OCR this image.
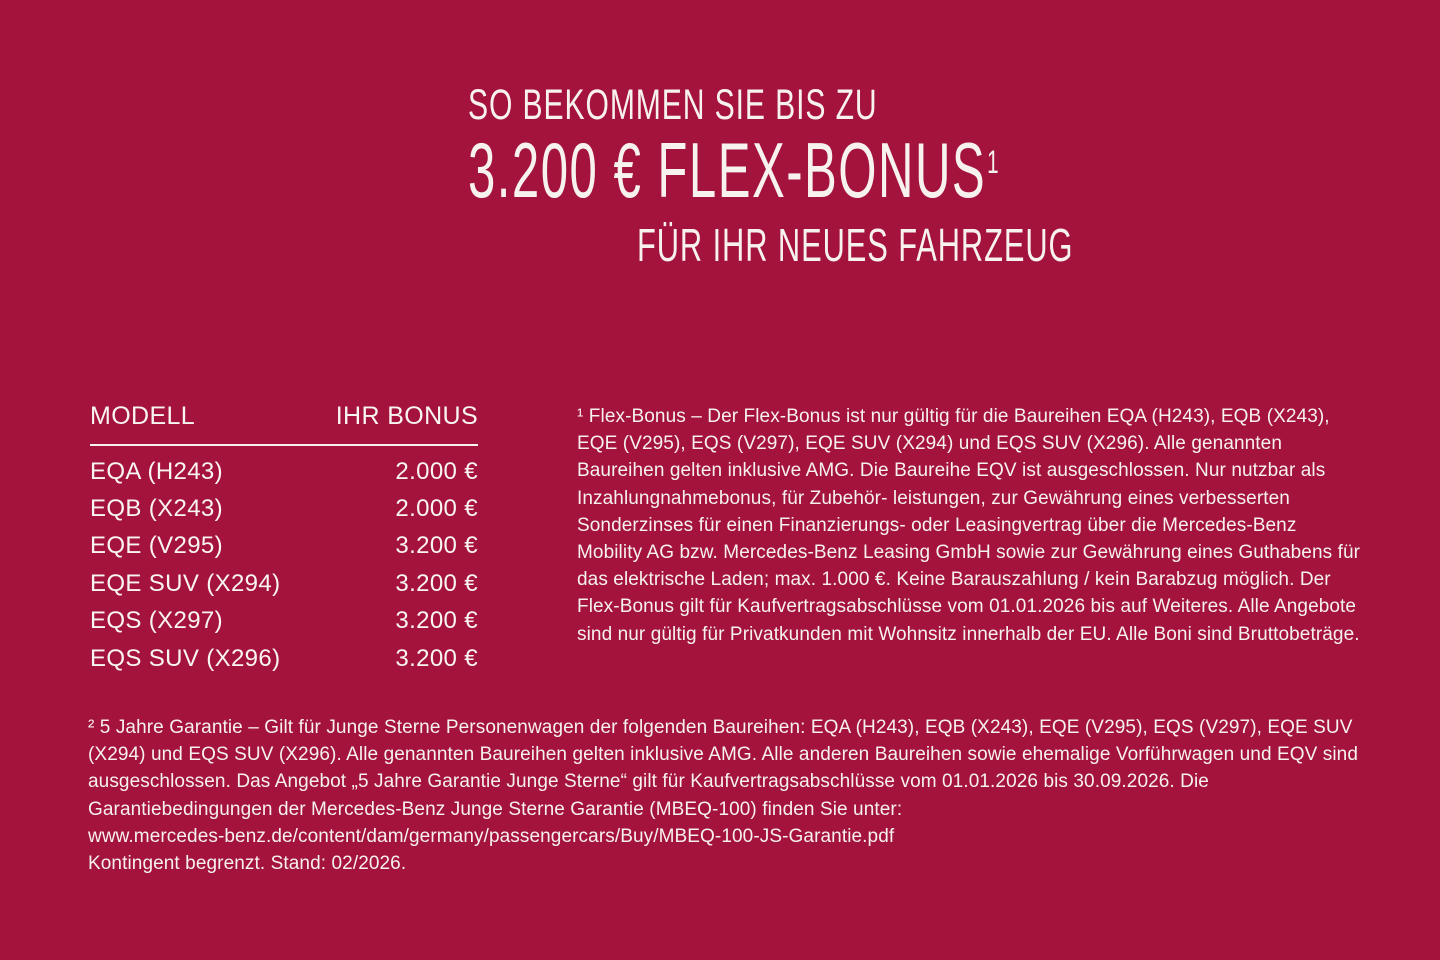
SO BEKOMMEN SIE BIS ZU
3.200 € FLEX-BONUS$^1$
FÜR IHR NEUES FAHRZEUG
MODELL	IHR BONUS
EQA (H243)	2.000 €
EQB (X243)	2.000 €
EQE (V295)	3.200 €
EQE SUV (X294)	3.200 €
EQS (X297)	3.200 €
EQS SUV (X296)	3.200 €

¹ Flex-Bonus – Der Flex-Bonus ist nur gültig für die Baureihen EQA (H243), EQB (X243), EQE (V295), EQS (V297), EQE SUV (X294) und EQS SUV (X296). Alle genannten Baureihen gelten inklusive AMG. Die Baureihe EQV ist ausgeschlossen. Nur nutzbar als Inzahlungnahmebonus, für Zubehör- leistungen, zur Gewährung eines verbesserten Sonderzinses für einen Finanzierungs- oder Leasingvertrag über die Mercedes-Benz Mobility AG bzw. Mercedes-Benz Leasing GmbH sowie zur Gewährung eines Guthabens für das elektrische Laden; max. 1.000 €. Keine Barauszahlung / kein Barabzug möglich. Der Flex-Bonus gilt für Kaufvertragsabschlüsse vom 01.01.2026 bis auf Weiteres. Alle Angebote sind nur gültig für Privatkunden mit Wohnsitz innerhalb der EU. Alle Boni sind Bruttobeträge.

² 5 Jahre Garantie – Gilt für Junge Sterne Personenwagen der folgenden Baureihen: EQA (H243), EQB (X243), EQE (V295), EQS (V297), EQE SUV (X294) und EQS SUV (X296). Alle genannten Baureihen gelten inklusive AMG. Alle anderen Baureihen sowie ehemalige Vorführwagen und EQV sind ausgeschlossen. Das Angebot „5 Jahre Garantie Junge Sterne“ gilt für Kaufvertragsabschlüsse vom 01.01.2026 bis 30.09.2026. Die Garantiebedingungen der Mercedes-Benz Junge Sterne Garantie (MBEQ-100) finden Sie unter:

www.mercedes-benz.de/content/dam/germany/passengercars/Buy/MBEQ-100-JS-Garantie.pdf

Kontingent begrenzt. Stand: 02/2026.
